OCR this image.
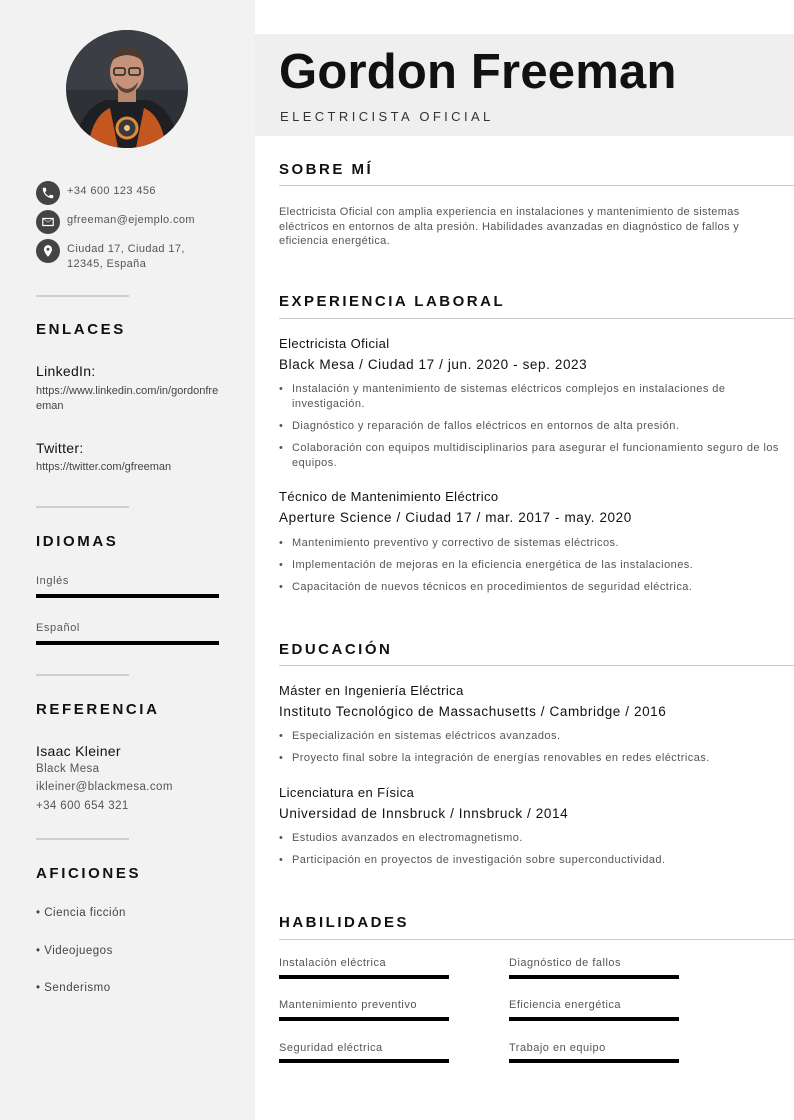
+34 600 123 456
gfreeman@ejemplo.com
Ciudad 17, Ciudad 17, 12345, España
ENLACES
LinkedIn:
https://www.linkedin.com/in/gordonfreeman
Twitter:
https://twitter.com/gfreeman
IDIOMAS
Inglés
Español
REFERENCIA
Isaac Kleiner
Black Mesa
ikleiner@blackmesa.com
+34 600 654 321
AFICIONES
• Ciencia ficción
• Videojuegos
• Senderismo
Gordon Freeman
ELECTRICISTA OFICIAL
SOBRE MÍ
Electricista Oficial con amplia experiencia en instalaciones y mantenimiento de sistemas eléctricos en entornos de alta presión. Habilidades avanzadas en diagnóstico de fallos y eficiencia energética.
EXPERIENCIA LABORAL
Electricista Oficial
Black Mesa / Ciudad 17 / jun. 2020 - sep. 2023
• Instalación y mantenimiento de sistemas eléctricos complejos en instalaciones de investigación.
• Diagnóstico y reparación de fallos eléctricos en entornos de alta presión.
• Colaboración con equipos multidisciplinarios para asegurar el funcionamiento seguro de los equipos.
Técnico de Mantenimiento Eléctrico
Aperture Science / Ciudad 17 / mar. 2017 - may. 2020
• Mantenimiento preventivo y correctivo de sistemas eléctricos.
• Implementación de mejoras en la eficiencia energética de las instalaciones.
• Capacitación de nuevos técnicos en procedimientos de seguridad eléctrica.
EDUCACIÓN
Máster en Ingeniería Eléctrica
Instituto Tecnológico de Massachusetts / Cambridge / 2016
• Especialización en sistemas eléctricos avanzados.
• Proyecto final sobre la integración de energías renovables en redes eléctricas.
Licenciatura en Física
Universidad de Innsbruck / Innsbruck / 2014
• Estudios avanzados en electromagnetismo.
• Participación en proyectos de investigación sobre superconductividad.
HABILIDADES
Instalación eléctrica	Diagnóstico de fallos
Mantenimiento preventivo	Eficiencia energética
Seguridad eléctrica	Trabajo en equipo
